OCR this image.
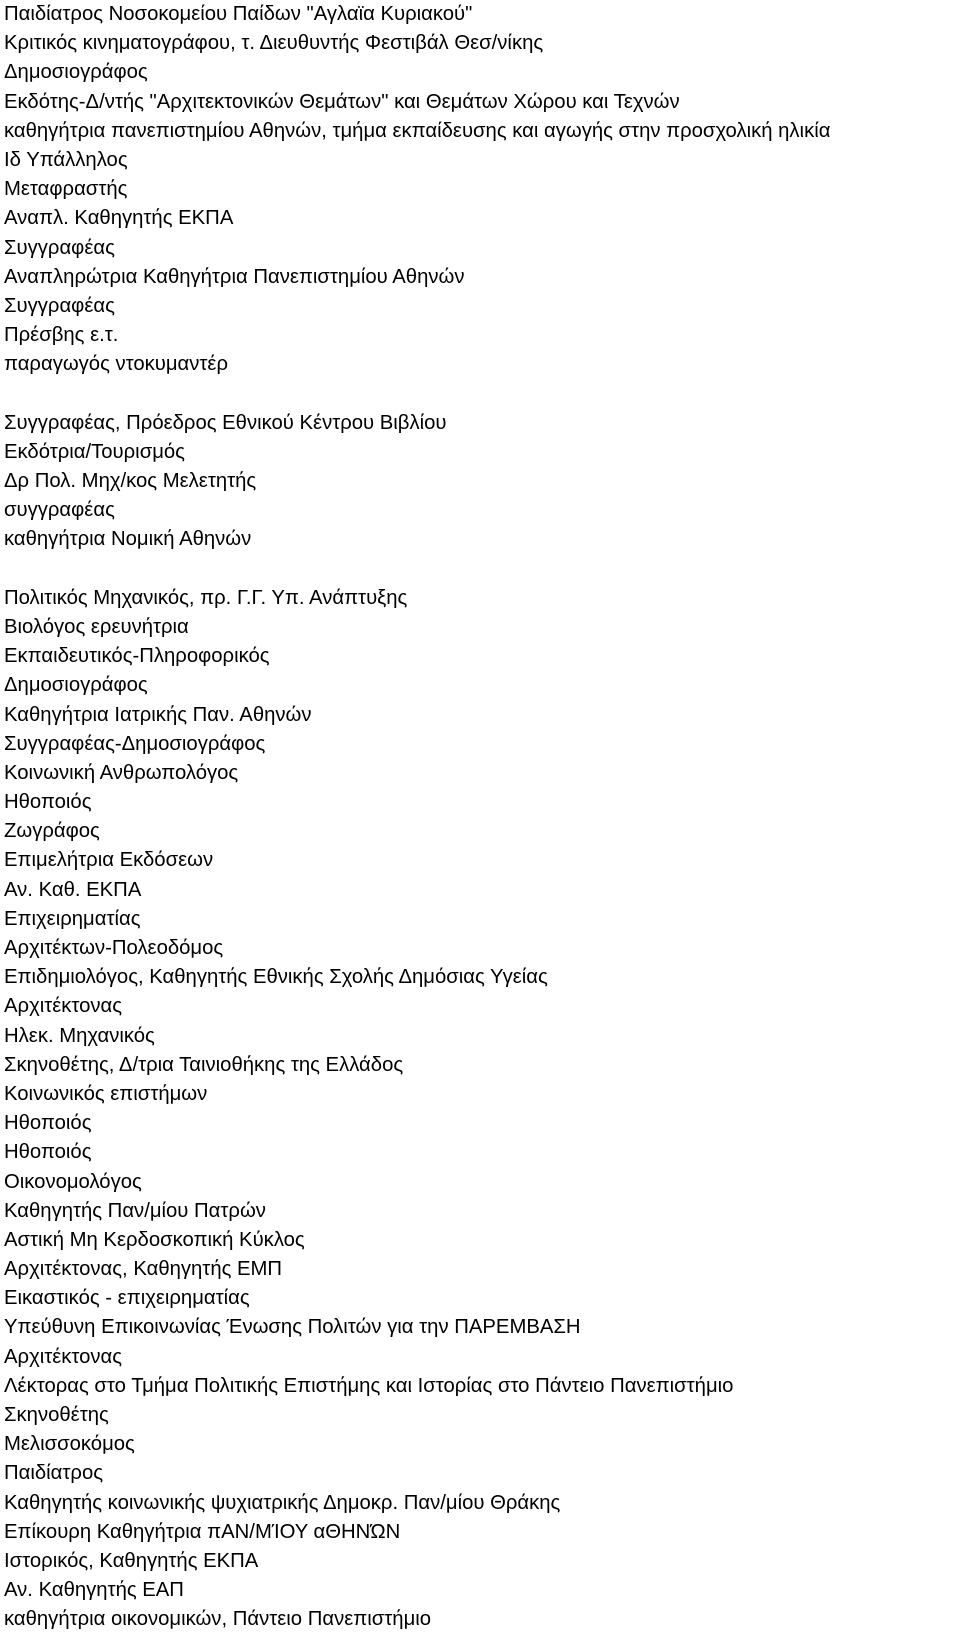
Παιδίατρος Νοσοκομείου Παίδων "Αγλαϊα Κυριακού"
Κριτικός κινηματογράφου, τ. Διευθυντής Φεστιβάλ Θεσ/νίκης
Δημοσιογράφος
Εκδότης-Δ/ντής "Αρχιτεκτονικών Θεμάτων" και Θεμάτων Χώρου και Τεχνών
καθηγήτρια πανεπιστημίου Αθηνών, τμήμα εκπαίδευσης και αγωγής στην προσχολική ηλικία
Ιδ Υπάλληλος
Μεταφραστής
Αναπλ. Καθηγητής ΕΚΠΑ
Συγγραφέας
Αναπληρώτρια Καθηγήτρια Πανεπιστημίου Αθηνών
Συγγραφέας
Πρέσβης ε.τ.
παραγωγός ντοκυμαντέρ
Συγγραφέας, Πρόεδρος Εθνικού Κέντρου Βιβλίου
Εκδότρια/Τουρισμός
Δρ Πολ. Μηχ/κος Μελετητής
συγγραφέας
καθηγήτρια Νομική Αθηνών
Πολιτικός Μηχανικός, πρ. Γ.Γ. Υπ. Ανάπτυξης
Βιολόγος ερευνήτρια
Εκπαιδευτικός-Πληροφορικός
Δημοσιογράφος
Καθηγήτρια Ιατρικής Παν. Αθηνών
Συγγραφέας-Δημοσιογράφος
Κοινωνική Ανθρωπολόγος
Ηθοποιός
Ζωγράφος
Επιμελήτρια Εκδόσεων
Αν. Καθ. ΕΚΠΑ
Επιχειρηματίας
Αρχιτέκτων-Πολεοδόμος
Επιδημιολόγος, Καθηγητής Εθνικής Σχολής Δημόσιας Υγείας
Αρχιτέκτονας
Ηλεκ. Μηχανικός
Σκηνοθέτης, Δ/τρια Ταινιοθήκης της Ελλάδος
Κοινωνικός επιστήμων
Ηθοποιός
Ηθοποιός
Οικονομολόγος
Καθηγητής Παν/μίου Πατρών
Αστική Μη Κερδοσκοπική Κύκλος
Αρχιτέκτονας, Καθηγητής ΕΜΠ
Εικαστικός - επιχειρηματίας
Υπεύθυνη Επικοινωνίας Ένωσης Πολιτών για την ΠΑΡΕΜΒΑΣΗ
Αρχιτέκτονας
Λέκτορας στο Τμήμα Πολιτικής Επιστήμης και Ιστορίας στο Πάντειο Πανεπιστήμιο
Σκηνοθέτης
Μελισσοκόμος
Παιδίατρος
Καθηγητής κοινωνικής ψυχιατρικής Δημοκρ. Παν/μίου Θράκης
Επίκουρη Καθηγήτρια πΑΝ/ΜΊΟΥ αΘΗΝΏΝ
Ιστορικός, Καθηγητής ΕΚΠΑ
Αν. Καθηγητής ΕΑΠ
καθηγήτρια οικονομικών, Πάντειο Πανεπιστήμιο
